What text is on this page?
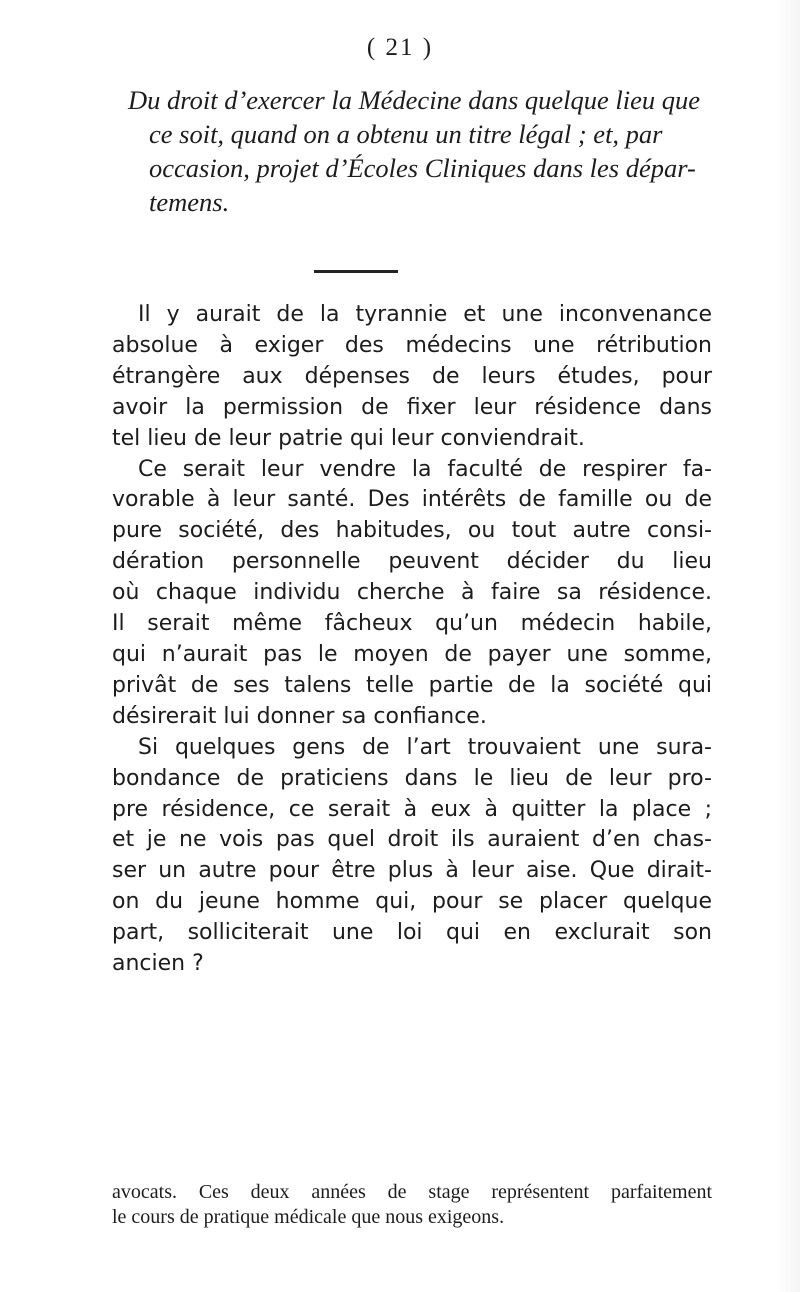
( 21 )
Du droit d’exercer la Médecine dans quelque lieu que
ce soit, quand on a obtenu un titre légal ; et, par
occasion, projet d’Écoles Cliniques dans les dépar-
temens.
Il y aurait de la tyrannie et une inconvenance
absolue à exiger des médecins une rétribution
étrangère aux dépenses de leurs études, pour
avoir la permission de fixer leur résidence dans
tel lieu de leur patrie qui leur conviendrait.
Ce serait leur vendre la faculté de respirer fa-
vorable à leur santé. Des intérêts de famille ou de
pure société, des habitudes, ou tout autre consi-
dération personnelle peuvent décider du lieu
où chaque individu cherche à faire sa résidence.
Il serait même fâcheux qu’un médecin habile,
qui n’aurait pas le moyen de payer une somme,
privât de ses talens telle partie de la société qui
désirerait lui donner sa confiance.
Si quelques gens de l’art trouvaient une sura-
bondance de praticiens dans le lieu de leur pro-
pre résidence, ce serait à eux à quitter la place ;
et je ne vois pas quel droit ils auraient d’en chas-
ser un autre pour être plus à leur aise. Que dirait-
on du jeune homme qui, pour se placer quelque
part, solliciterait une loi qui en exclurait son
ancien ?
avocats. Ces deux années de stage représentent parfaitement
le cours de pratique médicale que nous exigeons.
